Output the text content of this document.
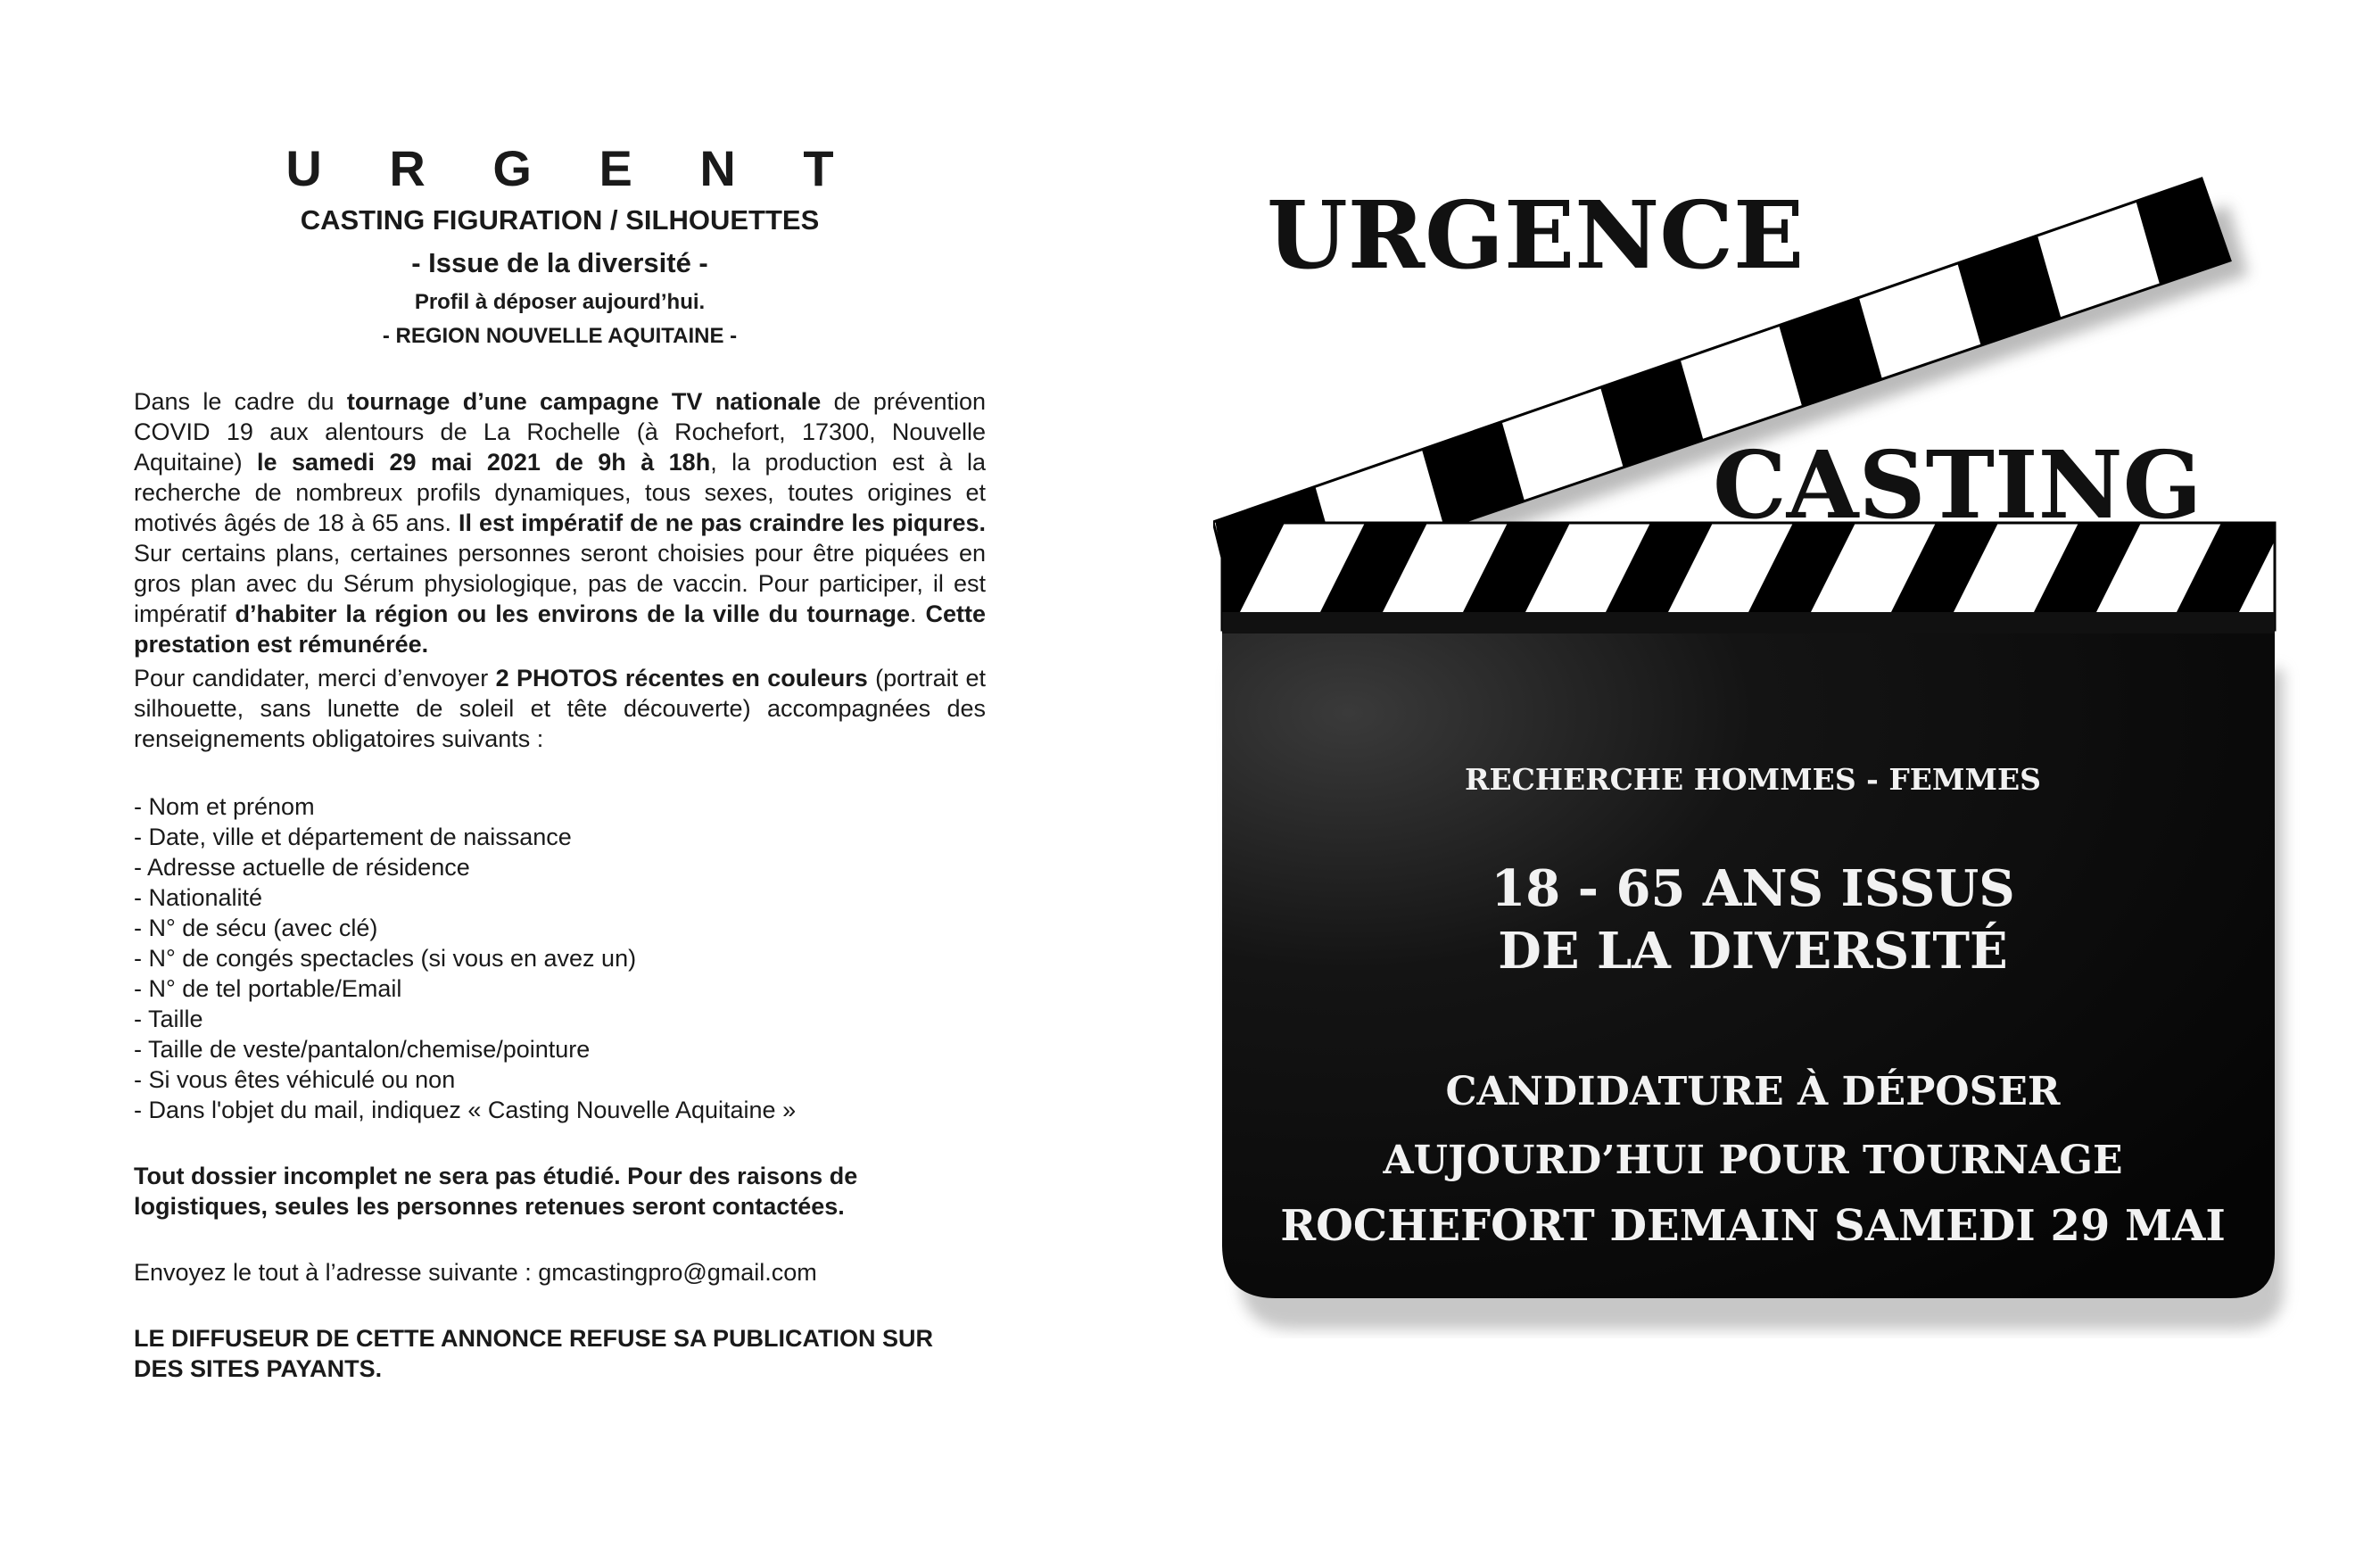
U R G E N T
CASTING FIGURATION / SILHOUETTES
- Issue de la diversité -
Profil à déposer aujourd’hui.
- REGION NOUVELLE AQUITAINE -

Dans le cadre du tournage d’une campagne TV nationale de prévention COVID 19 aux alentours de La Rochelle (à Rochefort, 17300, Nouvelle Aquitaine) le samedi 29 mai 2021 de 9h à 18h, la production est à la recherche de nombreux profils dynamiques, tous sexes, toutes origines et motivés âgés de 18 à 65 ans. Il est impératif de ne pas craindre les piqures. Sur certains plans, certaines personnes seront choisies pour être piquées en gros plan avec du Sérum physiologique, pas de vaccin. Pour participer, il est impératif d’habiter la région ou les environs de la ville du tournage. Cette prestation est rémunérée.

Pour candidater, merci d’envoyer 2 PHOTOS récentes en couleurs (portrait et silhouette, sans lunette de soleil et tête découverte) accompagnées des renseignements obligatoires suivants :

- Nom et prénom
- Date, ville et département de naissance
- Adresse actuelle de résidence
- Nationalité
- N° de sécu (avec clé)
- N° de congés spectacles (si vous en avez un)
- N° de tel portable/Email
- Taille
- Taille de veste/pantalon/chemise/pointure
- Si vous êtes véhiculé ou non
- Dans l'objet du mail, indiquez « Casting Nouvelle Aquitaine »
Tout dossier incomplet ne sera pas étudié. Pour des raisons de logistiques, seules les personnes retenues seront contactées.
Envoyez le tout à l’adresse suivante : gmcastingpro@gmail.com
LE DIFFUSEUR DE CETTE ANNONCE REFUSE SA PUBLICATION SUR DES SITES PAYANTS.
URGENCE
CASTING
RECHERCHE HOMMES - FEMMES
18 - 65 ANS ISSUS
DE LA DIVERSITÉ
CANDIDATURE À DÉPOSER
AUJOURD’HUI POUR TOURNAGE
ROCHEFORT DEMAIN SAMEDI 29 MAI
